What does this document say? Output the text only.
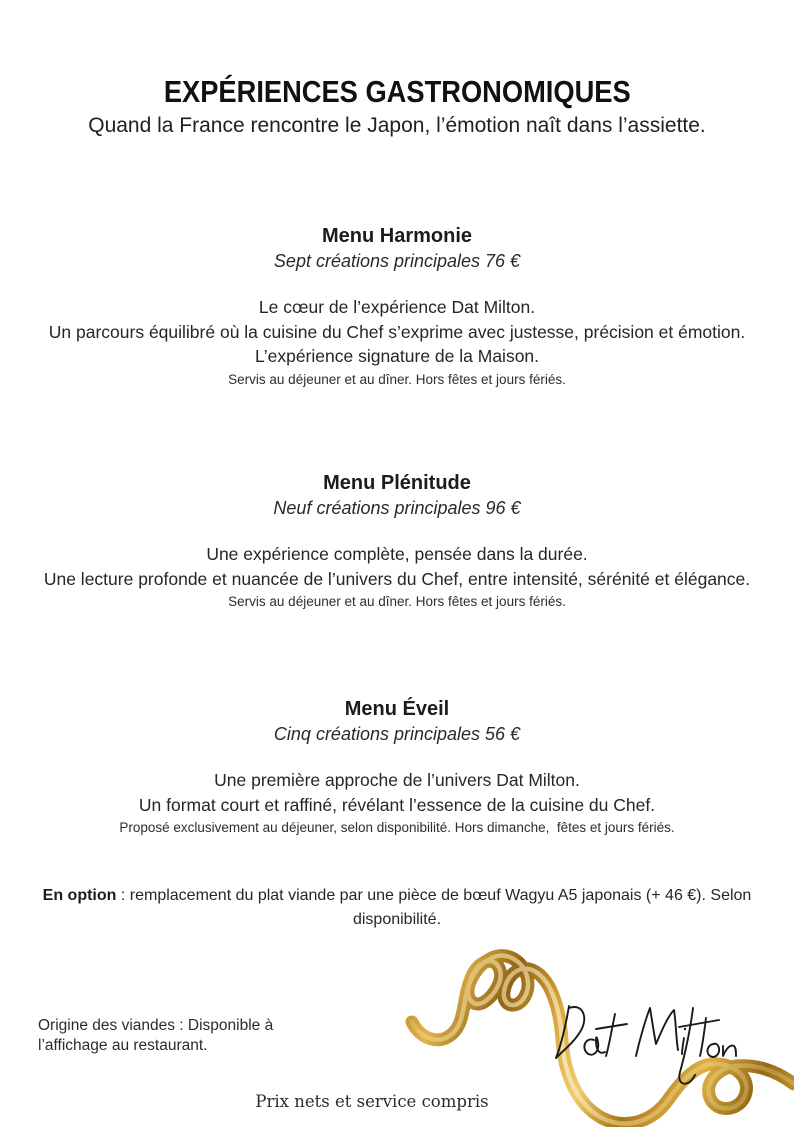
EXPÉRIENCES GASTRONOMIQUES

Quand la France rencontre le Japon, l’émotion naît dans l’assiette.

Menu Harmonie

Sept créations principales 76 €

Le cœur de l’expérience Dat Milton.

Un parcours équilibré où la cuisine du Chef s’exprime avec justesse, précision et émotion.

L’expérience signature de la Maison.

Servis au déjeuner et au dîner. Hors fêtes et jours fériés.

Menu Plénitude

Neuf créations principales 96 €

Une expérience complète, pensée dans la durée.

Une lecture profonde et nuancée de l’univers du Chef, entre intensité, sérénité et élégance.

Servis au déjeuner et au dîner. Hors fêtes et jours fériés.

Menu Éveil

Cinq créations principales 56 €

Une première approche de l’univers Dat Milton.

Un format court et raffiné, révélant l’essence de la cuisine du Chef.

Proposé exclusivement au déjeuner, selon disponibilité. Hors dimanche,  fêtes et jours fériés.

En option : remplacement du plat viande par une pièce de bœuf Wagyu A5 japonais (+ 46 €). Selon disponibilité.

Origine des viandes : Disponible à

l’affichage au restaurant.

Prix nets et service compris
